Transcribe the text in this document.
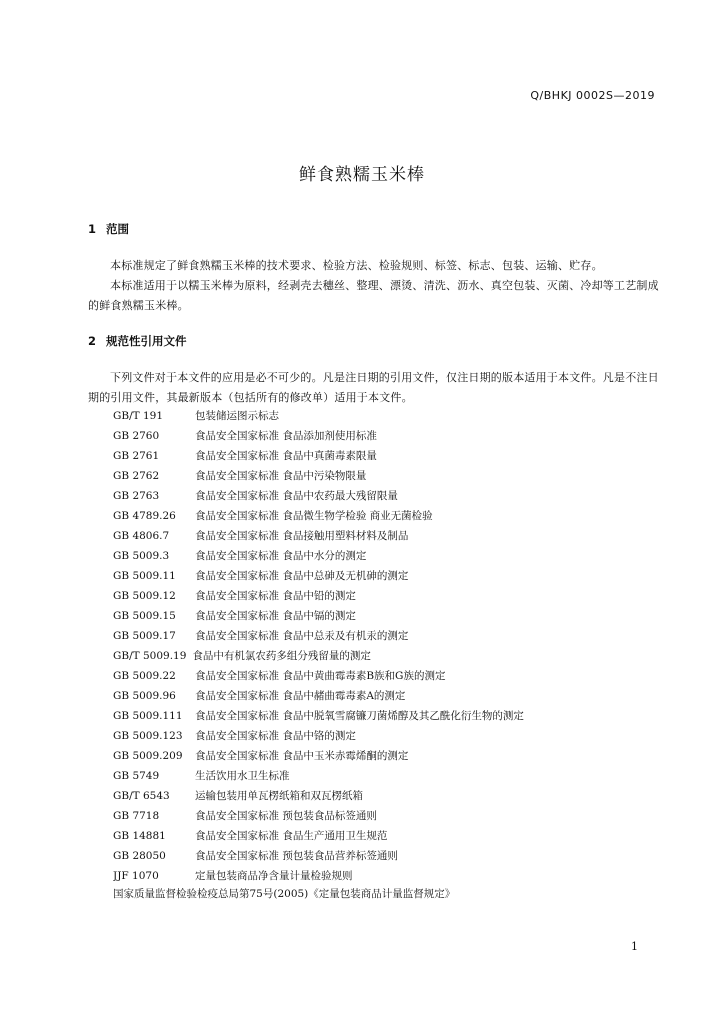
Q/BHKJ 0002S—2019
鲜食熟糯玉米棒
1 范围
本标准规定了鲜食熟糯玉米棒的技术要求、检验方法、检验规则、标签、标志、包装、运输、贮存。
本标准适用于以糯玉米棒为原料，经剥壳去穗丝、整理、漂烫、清洗、沥水、真空包装、灭菌、冷却等工艺制成的鲜食熟糯玉米棒。
2 规范性引用文件
下列文件对于本文件的应用是必不可少的。凡是注日期的引用文件，仅注日期的版本适用于本文件。凡是不注日期的引用文件，其最新版本（包括所有的修改单）适用于本文件。
GB/T 191	包装储运图示标志
GB 2760	食品安全国家标准 食品添加剂使用标准
GB 2761	食品安全国家标准 食品中真菌毒素限量
GB 2762	食品安全国家标准 食品中污染物限量
GB 2763	食品安全国家标准 食品中农药最大残留限量
GB 4789.26 食品安全国家标准 食品微生物学检验 商业无菌检验
GB 4806.7 食品安全国家标准 食品接触用塑料材料及制品
GB 5009.3 食品安全国家标准 食品中水分的测定
GB 5009.11 食品安全国家标准 食品中总砷及无机砷的测定
GB 5009.12 食品安全国家标准 食品中铅的测定
GB 5009.15 食品安全国家标准 食品中镉的测定
GB 5009.17 食品安全国家标准 食品中总汞及有机汞的测定
GB/T 5009.19 食品中有机氯农药多组分残留量的测定
GB 5009.22 食品安全国家标准 食品中黄曲霉毒素B族和G族的测定
GB 5009.96 食品安全国家标准 食品中赭曲霉毒素A的测定
GB 5009.111 食品安全国家标准 食品中脱氧雪腐镰刀菌烯醇及其乙酰化衍生物的测定
GB 5009.123 食品安全国家标准 食品中铬的测定
GB 5009.209 食品安全国家标准 食品中玉米赤霉烯酮的测定
GB 5749	生活饮用水卫生标准
GB/T 6543 运输包装用单瓦楞纸箱和双瓦楞纸箱
GB 7718	食品安全国家标准 预包装食品标签通则
GB 14881	食品安全国家标准 食品生产通用卫生规范
GB 28050	食品安全国家标准 预包装食品营养标签通则
JJF 1070	定量包装商品净含量计量检验规则
国家质量监督检验检疫总局第75号(2005)《定量包装商品计量监督规定》
1
